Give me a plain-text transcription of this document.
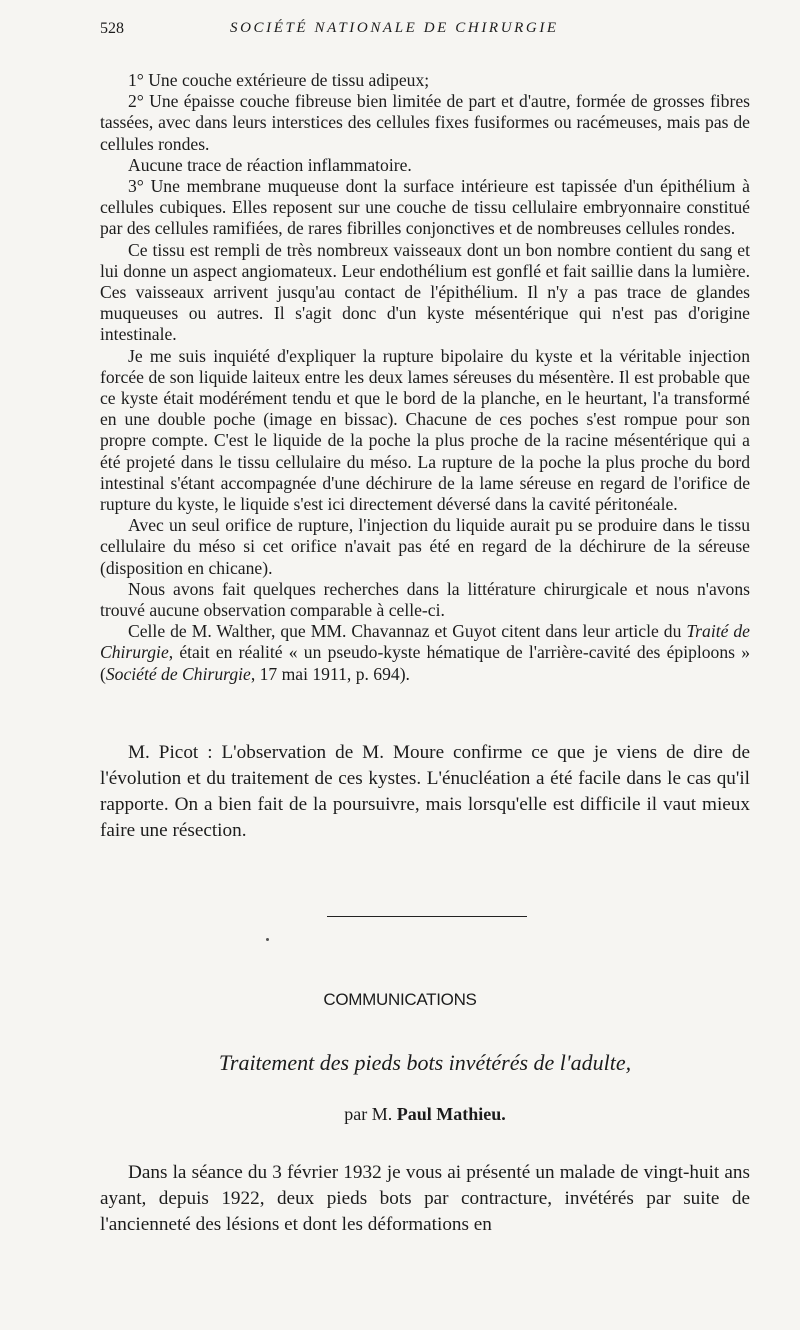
528	SOCIÉTÉ NATIONALE DE CHIRURGIE

1° Une couche extérieure de tissu adipeux;

2° Une épaisse couche fibreuse bien limitée de part et d'autre, formée de grosses fibres tassées, avec dans leurs interstices des cellules fixes fusiformes ou racémeuses, mais pas de cellules rondes.

Aucune trace de réaction inflammatoire.

3° Une membrane muqueuse dont la surface intérieure est tapissée d'un épithélium à cellules cubiques. Elles reposent sur une couche de tissu cellulaire embryonnaire constitué par des cellules ramifiées, de rares fibrilles conjonctives et de nombreuses cellules rondes.

Ce tissu est rempli de très nombreux vaisseaux dont un bon nombre contient du sang et lui donne un aspect angiomateux. Leur endothélium est gonflé et fait saillie dans la lumière. Ces vaisseaux arrivent jusqu'au contact de l'épithélium. Il n'y a pas trace de glandes muqueuses ou autres. Il s'agit donc d'un kyste mésentérique qui n'est pas d'origine intestinale.

Je me suis inquiété d'expliquer la rupture bipolaire du kyste et la véritable injection forcée de son liquide laiteux entre les deux lames séreuses du mésentère. Il est probable que ce kyste était modérément tendu et que le bord de la planche, en le heurtant, l'a transformé en une double poche (image en bissac). Chacune de ces poches s'est rompue pour son propre compte. C'est le liquide de la poche la plus proche de la racine mésentérique qui a été projeté dans le tissu cellulaire du méso. La rupture de la poche la plus proche du bord intestinal s'étant accompagnée d'une déchirure de la lame séreuse en regard de l'orifice de rupture du kyste, le liquide s'est ici directement déversé dans la cavité péritonéale.

Avec un seul orifice de rupture, l'injection du liquide aurait pu se produire dans le tissu cellulaire du méso si cet orifice n'avait pas été en regard de la déchirure de la séreuse (disposition en chicane).

Nous avons fait quelques recherches dans la littérature chirurgicale et nous n'avons trouvé aucune observation comparable à celle-ci.

Celle de M. Walther, que MM. Chavannaz et Guyot citent dans leur article du Traité de Chirurgie, était en réalité « un pseudo-kyste hématique de l'arrière-cavité des épiploons » (Société de Chirurgie, 17 mai 1911, p. 694).

M. Picot : L'observation de M. Moure confirme ce que je viens de dire de l'évolution et du traitement de ces kystes. L'énucléation a été facile dans le cas qu'il rapporte. On a bien fait de la poursuivre, mais lorsqu'elle est difficile il vaut mieux faire une résection.

COMMUNICATIONS
Traitement des pieds bots invétérés de l'adulte,
par M. Paul Mathieu.

Dans la séance du 3 février 1932 je vous ai présenté un malade de vingt-huit ans ayant, depuis 1922, deux pieds bots par contracture, invétérés par suite de l'ancienneté des lésions et dont les déformations en
